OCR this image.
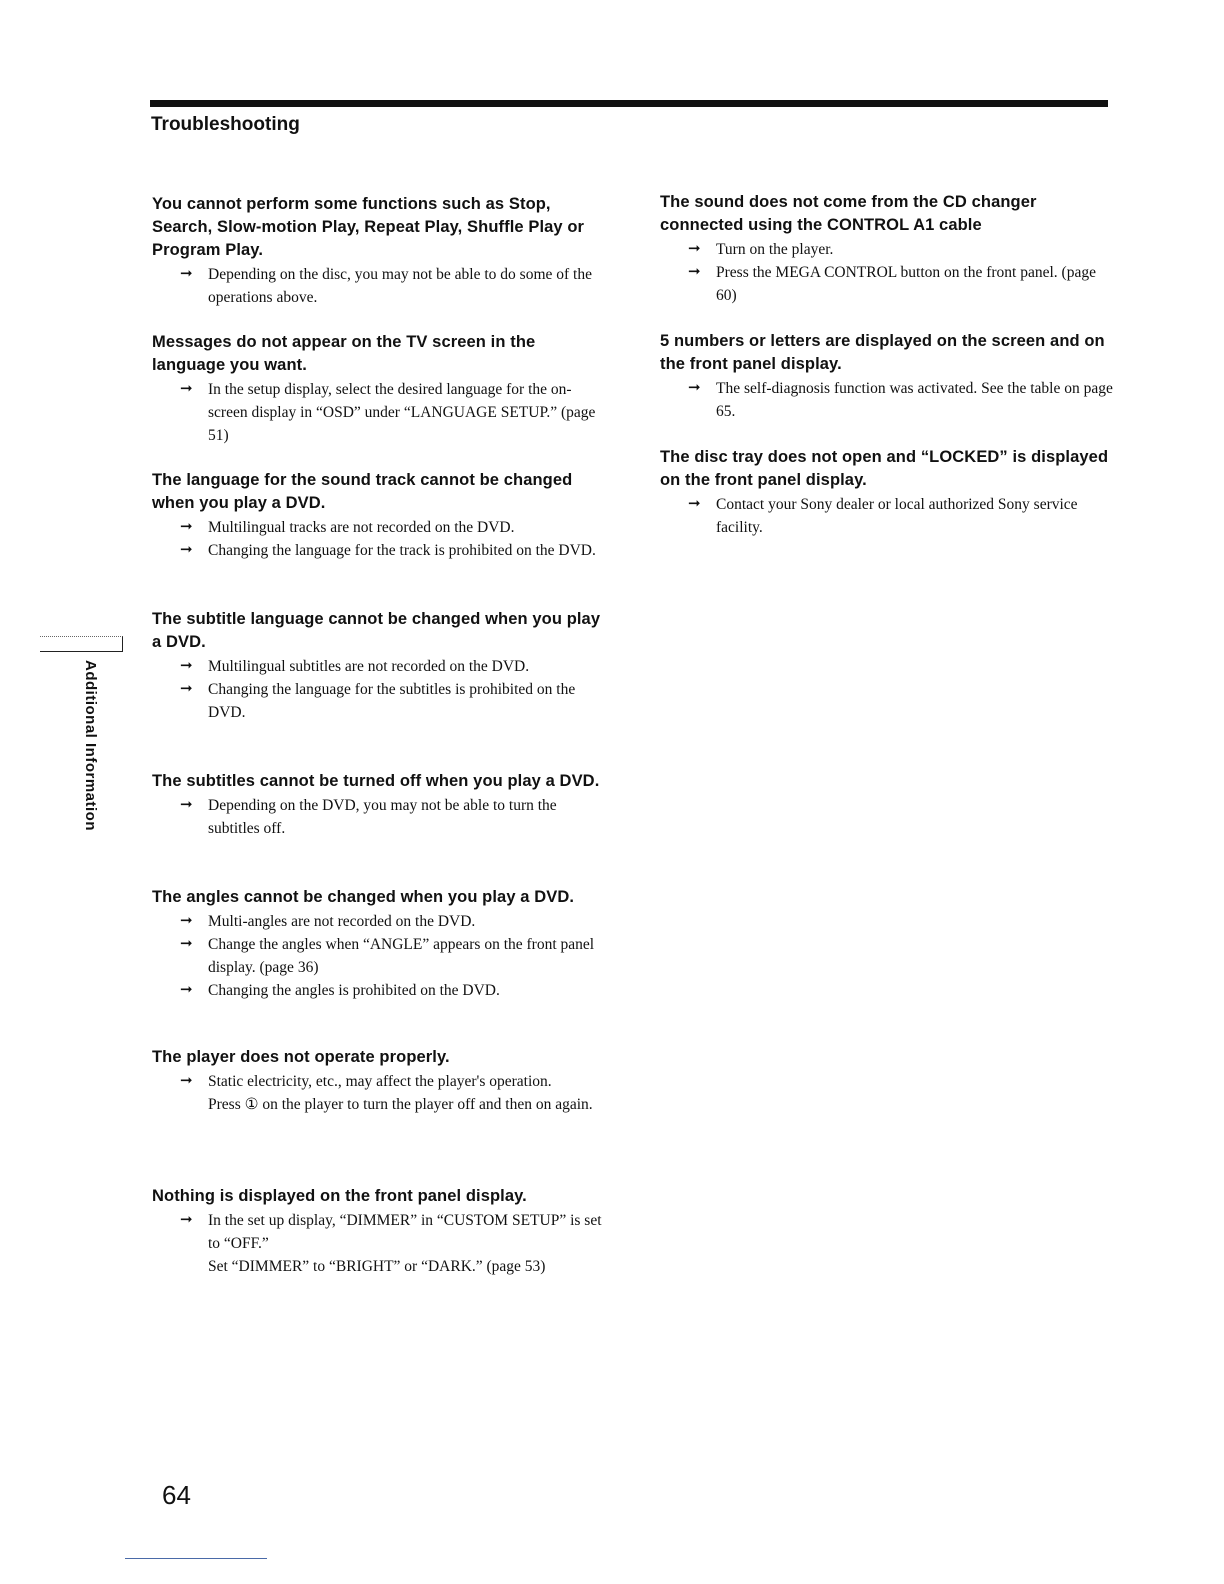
Troubleshooting
You cannot perform some functions such as Stop, Search, Slow-motion Play, Repeat Play, Shuffle Play or Program Play.
➞ Depending on the disc, you may not be able to do some of the operations above.
Messages do not appear on the TV screen in the language you want.
➞ In the setup display, select the desired language for the on-screen display in “OSD” under “LANGUAGE SETUP.” (page 51)
The language for the sound track cannot be changed when you play a DVD.
➞ Multilingual tracks are not recorded on the DVD.
➞ Changing the language for the track is prohibited on the DVD.
The subtitle language cannot be changed when you play a DVD.
➞ Multilingual subtitles are not recorded on the DVD.
➞ Changing the language for the subtitles is prohibited on the DVD.
The subtitles cannot be turned off when you play a DVD.
➞ Depending on the DVD, you may not be able to turn the subtitles off.
The angles cannot be changed when you play a DVD.
➞ Multi-angles are not recorded on the DVD.
➞ Change the angles when “ANGLE” appears on the front panel display. (page 36)
➞ Changing the angles is prohibited on the DVD.
The player does not operate properly.
➞ Static electricity, etc., may affect the player's operation.
Press ① on the player to turn the player off and then on again.
Nothing is displayed on the front panel display.
➞ In the set up display, “DIMMER” in “CUSTOM SETUP” is set to “OFF.”
Set “DIMMER” to “BRIGHT” or “DARK.” (page 53)
The sound does not come from the CD changer connected using the CONTROL A1 cable
➞ Turn on the player.
➞ Press the MEGA CONTROL button on the front panel. (page 60)
5 numbers or letters are displayed on the screen and on the front panel display.
➞ The self-diagnosis function was activated. See the table on page 65.
The disc tray does not open and “LOCKED” is displayed on the front panel display.
➞ Contact your Sony dealer or local authorized Sony service facility.
Additional Information
64
